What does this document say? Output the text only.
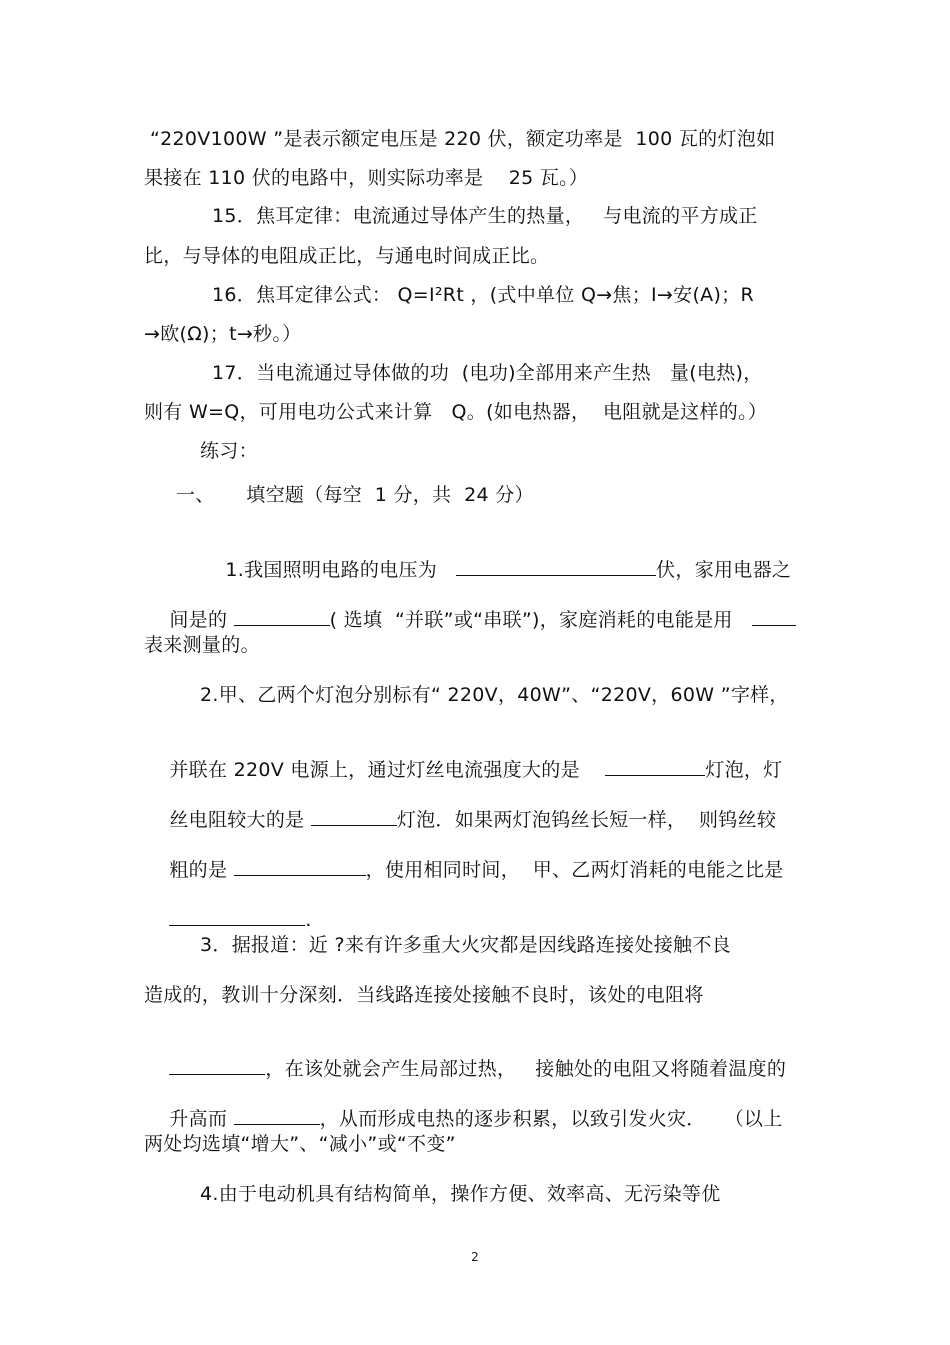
“220V100W ”是表示额定电压是 220 伏，额定功率是  100 瓦的灯泡如
果接在 110 伏的电路中，则实际功率是    25 瓦。）
15．焦耳定律：电流通过导体产生的热量，   与电流的平方成正
比，与导体的电阻成正比，与通电时间成正比。
16．焦耳定律公式： Q=I²Rt ，(式中单位 Q→焦；I→安(A)；R
→欧(Ω)；t→秒。）
17．当电流通过导体做的功  (电功)全部用来产生热   量(电热)，
则有 W=Q，可用电功公式来计算   Q。(如电热器，  电阻就是这样的。）
练习：
一、     填空题（每空  1 分，共  24 分）

1.我国照明电路的电压为	伏，家用电器之

间是的	( 选填  “并联”或“串联”)，家庭消耗的电能是用

表来测量的。
2.甲、乙两个灯泡分别标有“ 220V，40W”、“220V，60W ”字样，

并联在 220V 电源上，通过灯丝电流强度大的是	灯泡，灯

丝电阻较大的是	灯泡．如果两灯泡钨丝长短一样，  则钨丝较

粗的是	，使用相同时间，  甲、乙两灯消耗的电能之比是

.

3．据报道：近 ?来有许多重大火灾都是因线路连接处接触不良
造成的，教训十分深刻．当线路连接处接触不良时，该处的电阻将

，在该处就会产生局部过热，   接触处的电阻又将随着温度的

升高而	，从而形成电热的逐步积累，以致引发火灾．   （以上

两处均选填“增大”、“减小”或“不变”
4.由于电动机具有结构简单，操作方便、效率高、无污染等优
2
